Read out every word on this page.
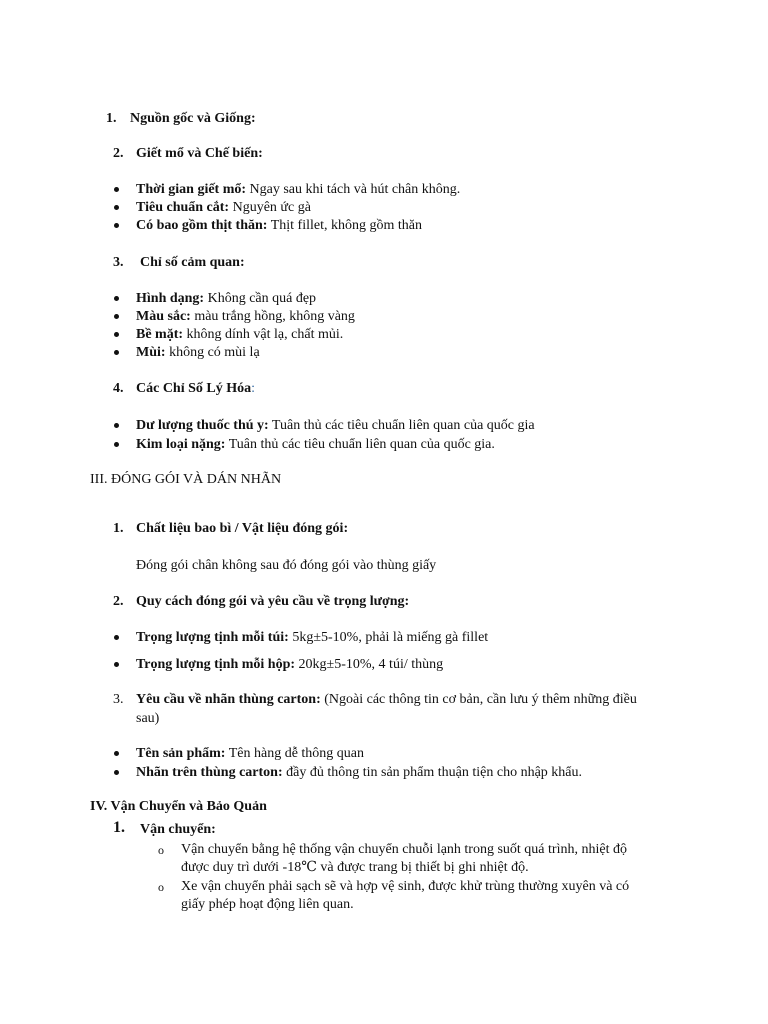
1. Nguồn gốc và Giống:
2. Giết mổ và Chế biến:
Thời gian giết mổ: Ngay sau khi tách và hút chân không.
Tiêu chuẩn cắt: Nguyên ức gà
Có bao gồm thịt thăn: Thịt fillet, không gồm thăn
3. Chỉ số cảm quan:
Hình dạng: Không cần quá đẹp
Màu sắc: màu trắng hồng, không vàng
Bề mặt: không dính vật lạ, chất mủi.
Mùi: không có mùi lạ
4. Các Chỉ Số Lý Hóa:
Dư lượng thuốc thú y: Tuân thủ các tiêu chuẩn liên quan của quốc gia
Kim loại nặng: Tuân thủ các tiêu chuẩn liên quan của quốc gia.
III. ĐÓNG GÓI VÀ DÁN NHÃN
1. Chất liệu bao bì / Vật liệu đóng gói:
Đóng gói chân không sau đó đóng gói vào thùng giấy
2. Quy cách đóng gói và yêu cầu về trọng lượng:
Trọng lượng tịnh mỗi túi: 5kg±5-10%, phải là miếng gà fillet
Trọng lượng tịnh mỗi hộp: 20kg±5-10%, 4 túi/ thùng
3. Yêu cầu về nhãn thùng carton: (Ngoài các thông tin cơ bản, cần lưu ý thêm những điều
sau)
Tên sản phẩm: Tên hàng dễ thông quan
Nhãn trên thùng carton: đầy đủ thông tin sản phẩm thuận tiện cho nhập khẩu.
IV. Vận Chuyển và Bảo Quản
1. Vận chuyển:
o Vận chuyển bằng hệ thống vận chuyển chuỗi lạnh trong suốt quá trình, nhiệt độ
được duy trì dưới -18℃ và được trang bị thiết bị ghi nhiệt độ.
o Xe vận chuyển phải sạch sẽ và hợp vệ sinh, được khử trùng thường xuyên và có
giấy phép hoạt động liên quan.
